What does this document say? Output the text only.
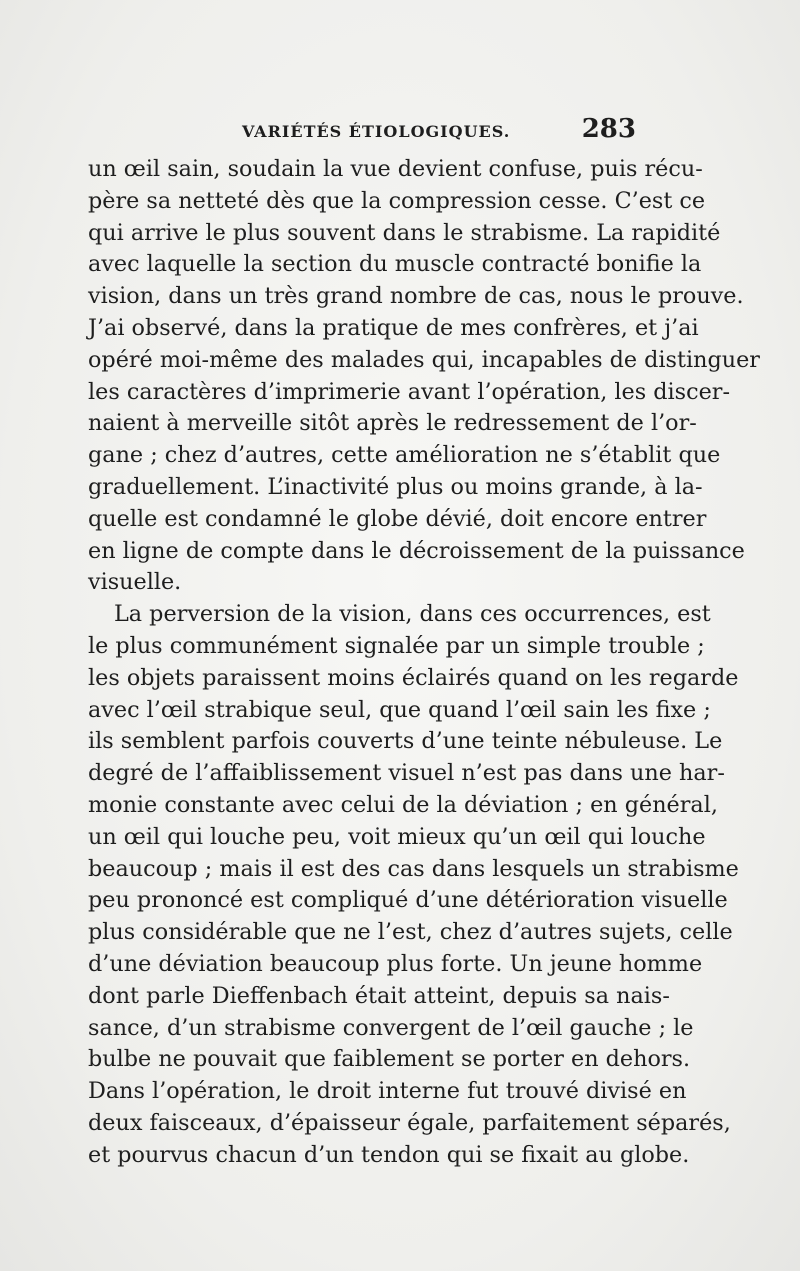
VARIÉTÉS ÉTIOLOGIQUES.	283
un œil sain, soudain la vue devient confuse, puis récu-
père sa netteté dès que la compression cesse. C’est ce
qui arrive le plus souvent dans le strabisme. La rapidité
avec laquelle la section du muscle contracté bonifie la
vision, dans un très grand nombre de cas, nous le prouve.
J’ai observé, dans la pratique de mes confrères, et j’ai
opéré moi-même des malades qui, incapables de distinguer
les caractères d’imprimerie avant l’opération, les discer-
naient à merveille sitôt après le redressement de l’or-
gane ; chez d’autres, cette amélioration ne s’établit que
graduellement. L’inactivité plus ou moins grande, à la-
quelle est condamné le globe dévié, doit encore entrer
en ligne de compte dans le décroissement de la puissance
visuelle.
La perversion de la vision, dans ces occurrences, est
le plus communément signalée par un simple trouble ;
les objets paraissent moins éclairés quand on les regarde
avec l’œil strabique seul, que quand l’œil sain les fixe ;
ils semblent parfois couverts d’une teinte nébuleuse. Le
degré de l’affaiblissement visuel n’est pas dans une har-
monie constante avec celui de la déviation ; en général,
un œil qui louche peu, voit mieux qu’un œil qui louche
beaucoup ; mais il est des cas dans lesquels un strabisme
peu prononcé est compliqué d’une détérioration visuelle
plus considérable que ne l’est, chez d’autres sujets, celle
d’une déviation beaucoup plus forte. Un jeune homme
dont parle Dieffenbach était atteint, depuis sa nais-
sance, d’un strabisme convergent de l’œil gauche ; le
bulbe ne pouvait que faiblement se porter en dehors.
Dans l’opération, le droit interne fut trouvé divisé en
deux faisceaux, d’épaisseur égale, parfaitement séparés,
et pourvus chacun d’un tendon qui se fixait au globe.
